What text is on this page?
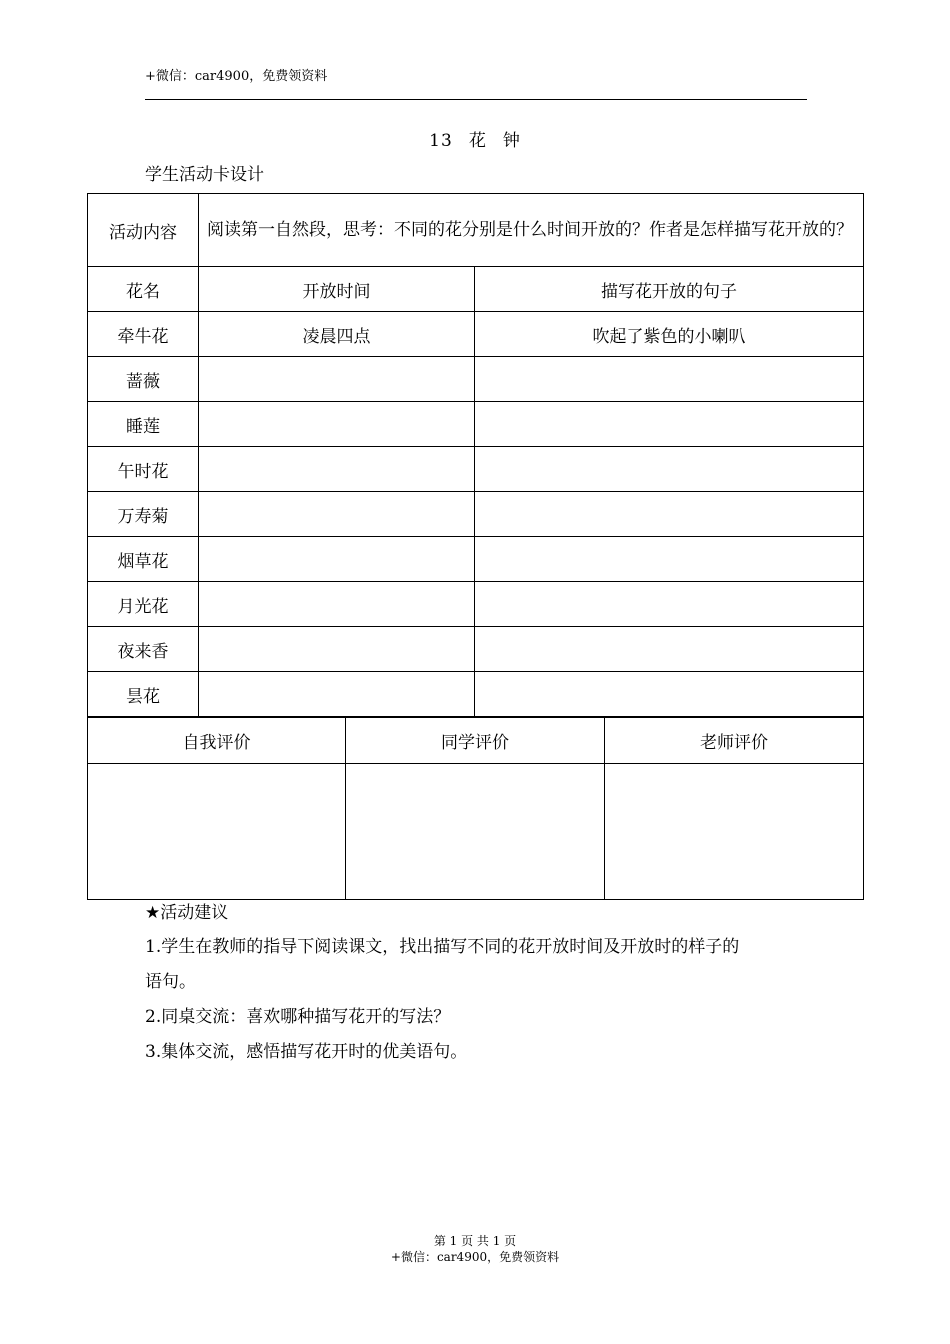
+微信：car4900，免费领资料
13 花 钟
学生活动卡设计
活动内容	阅读第一自然段，思考：不同的花分别是什么时间开放的？作者是怎样描写花开放的？	
花名	开放时间	描写花开放的句子
牵牛花	凌晨四点	吹起了紫色的小喇叭
蔷薇		
睡莲		
午时花		
万寿菊		
烟草花		
月光花		
夜来香		
昙花		
自我评价	同学评价	老师评价

★活动建议
1.学生在教师的指导下阅读课文，找出描写不同的花开放时间及开放时的样子的
语句。
2.同桌交流：喜欢哪种描写花开的写法？
3.集体交流，感悟描写花开时的优美语句。
第 1 页 共 1 页
+微信：car4900，免费领资料
